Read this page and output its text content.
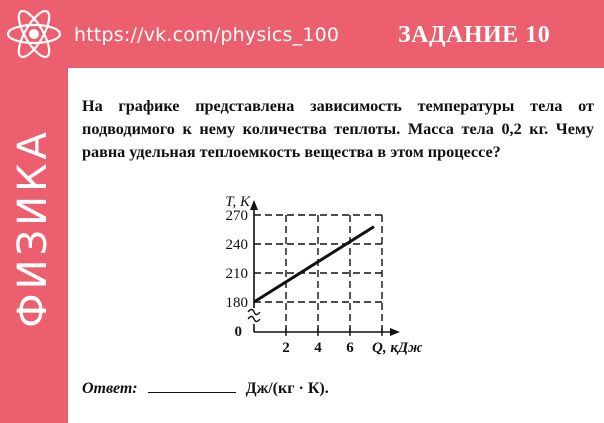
https://vk.com/physics_100 ЗАДАНИЕ 10
ФИЗИКА

На графике представлена зависимость температуры тела от подводимого к нему количества теплоты. Масса тела 0,2 кг. Чему равна удельная теплоемкость вещества в этом процессе?

180
210
240
270
2 4 6
0
T, K
Q, кДж
Ответ:	Дж/(кг · К).
